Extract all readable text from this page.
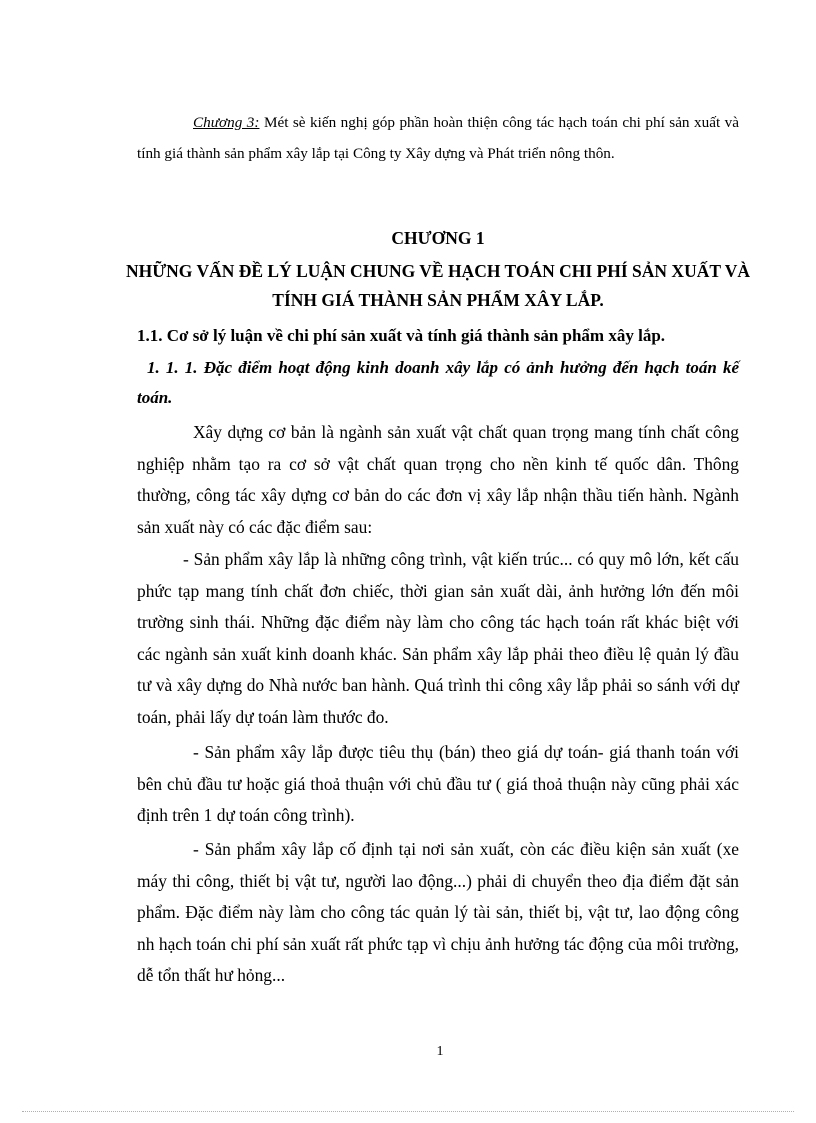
Chương 3: Mét sè kiến nghị góp phần hoàn thiện công tác hạch toán chi phí sản xuất và tính giá thành sản phẩm xây lắp tại Công ty Xây dựng và Phát triển nông thôn.

CHƯƠNG 1
NHỮNG VẤN ĐỀ LÝ LUẬN CHUNG VỀ HẠCH TOÁN CHI PHÍ SẢN XUẤT VÀ TÍNH GIÁ THÀNH SẢN PHẨM XÂY LẮP.
1.1. Cơ sở lý luận về chi phí sản xuất và tính giá thành sản phẩm xây lắp.
1. 1. 1. Đặc điểm hoạt động kinh doanh xây lắp có ảnh hưởng đến hạch toán kế toán.

Xây dựng cơ bản là ngành sản xuất vật chất quan trọng mang tính chất công nghiệp nhằm tạo ra cơ sở vật chất quan trọng cho nền kinh tế quốc dân. Thông thường, công tác xây dựng cơ bản do các đơn vị xây lắp nhận thầu tiến hành. Ngành sản xuất này có các đặc điểm sau:

- Sản phẩm xây lắp là những công trình, vật kiến trúc... có quy mô lớn, kết cấu phức tạp mang tính chất đơn chiếc, thời gian sản xuất dài, ảnh hưởng lớn đến môi trường sinh thái. Những đặc điểm này làm cho công tác hạch toán rất khác biệt với các ngành sản xuất kinh doanh khác. Sản phẩm xây lắp phải theo điều lệ quản lý đầu tư và xây dựng do Nhà nước ban hành. Quá trình thi công xây lắp phải so sánh với dự toán, phải lấy dự toán làm thước đo.

- Sản phẩm xây lắp được tiêu thụ (bán) theo giá dự toán- giá thanh toán với bên chủ đầu tư hoặc giá thoả thuận với chủ đầu tư ( giá thoả thuận này cũng phải xác định trên 1 dự toán công trình).

- Sản phẩm xây lắp cố định tại nơi sản xuất, còn các điều kiện sản xuất (xe máy thi công, thiết bị vật tư, người lao động...) phải di chuyển theo địa điểm đặt sản phẩm. Đặc điểm này làm cho công tác quản lý tài sản, thiết bị, vật tư, lao động công nh hạch toán chi phí sản xuất rất phức tạp vì chịu ảnh hưởng tác động của môi trường, dễ tổn thất hư hỏng...

1
